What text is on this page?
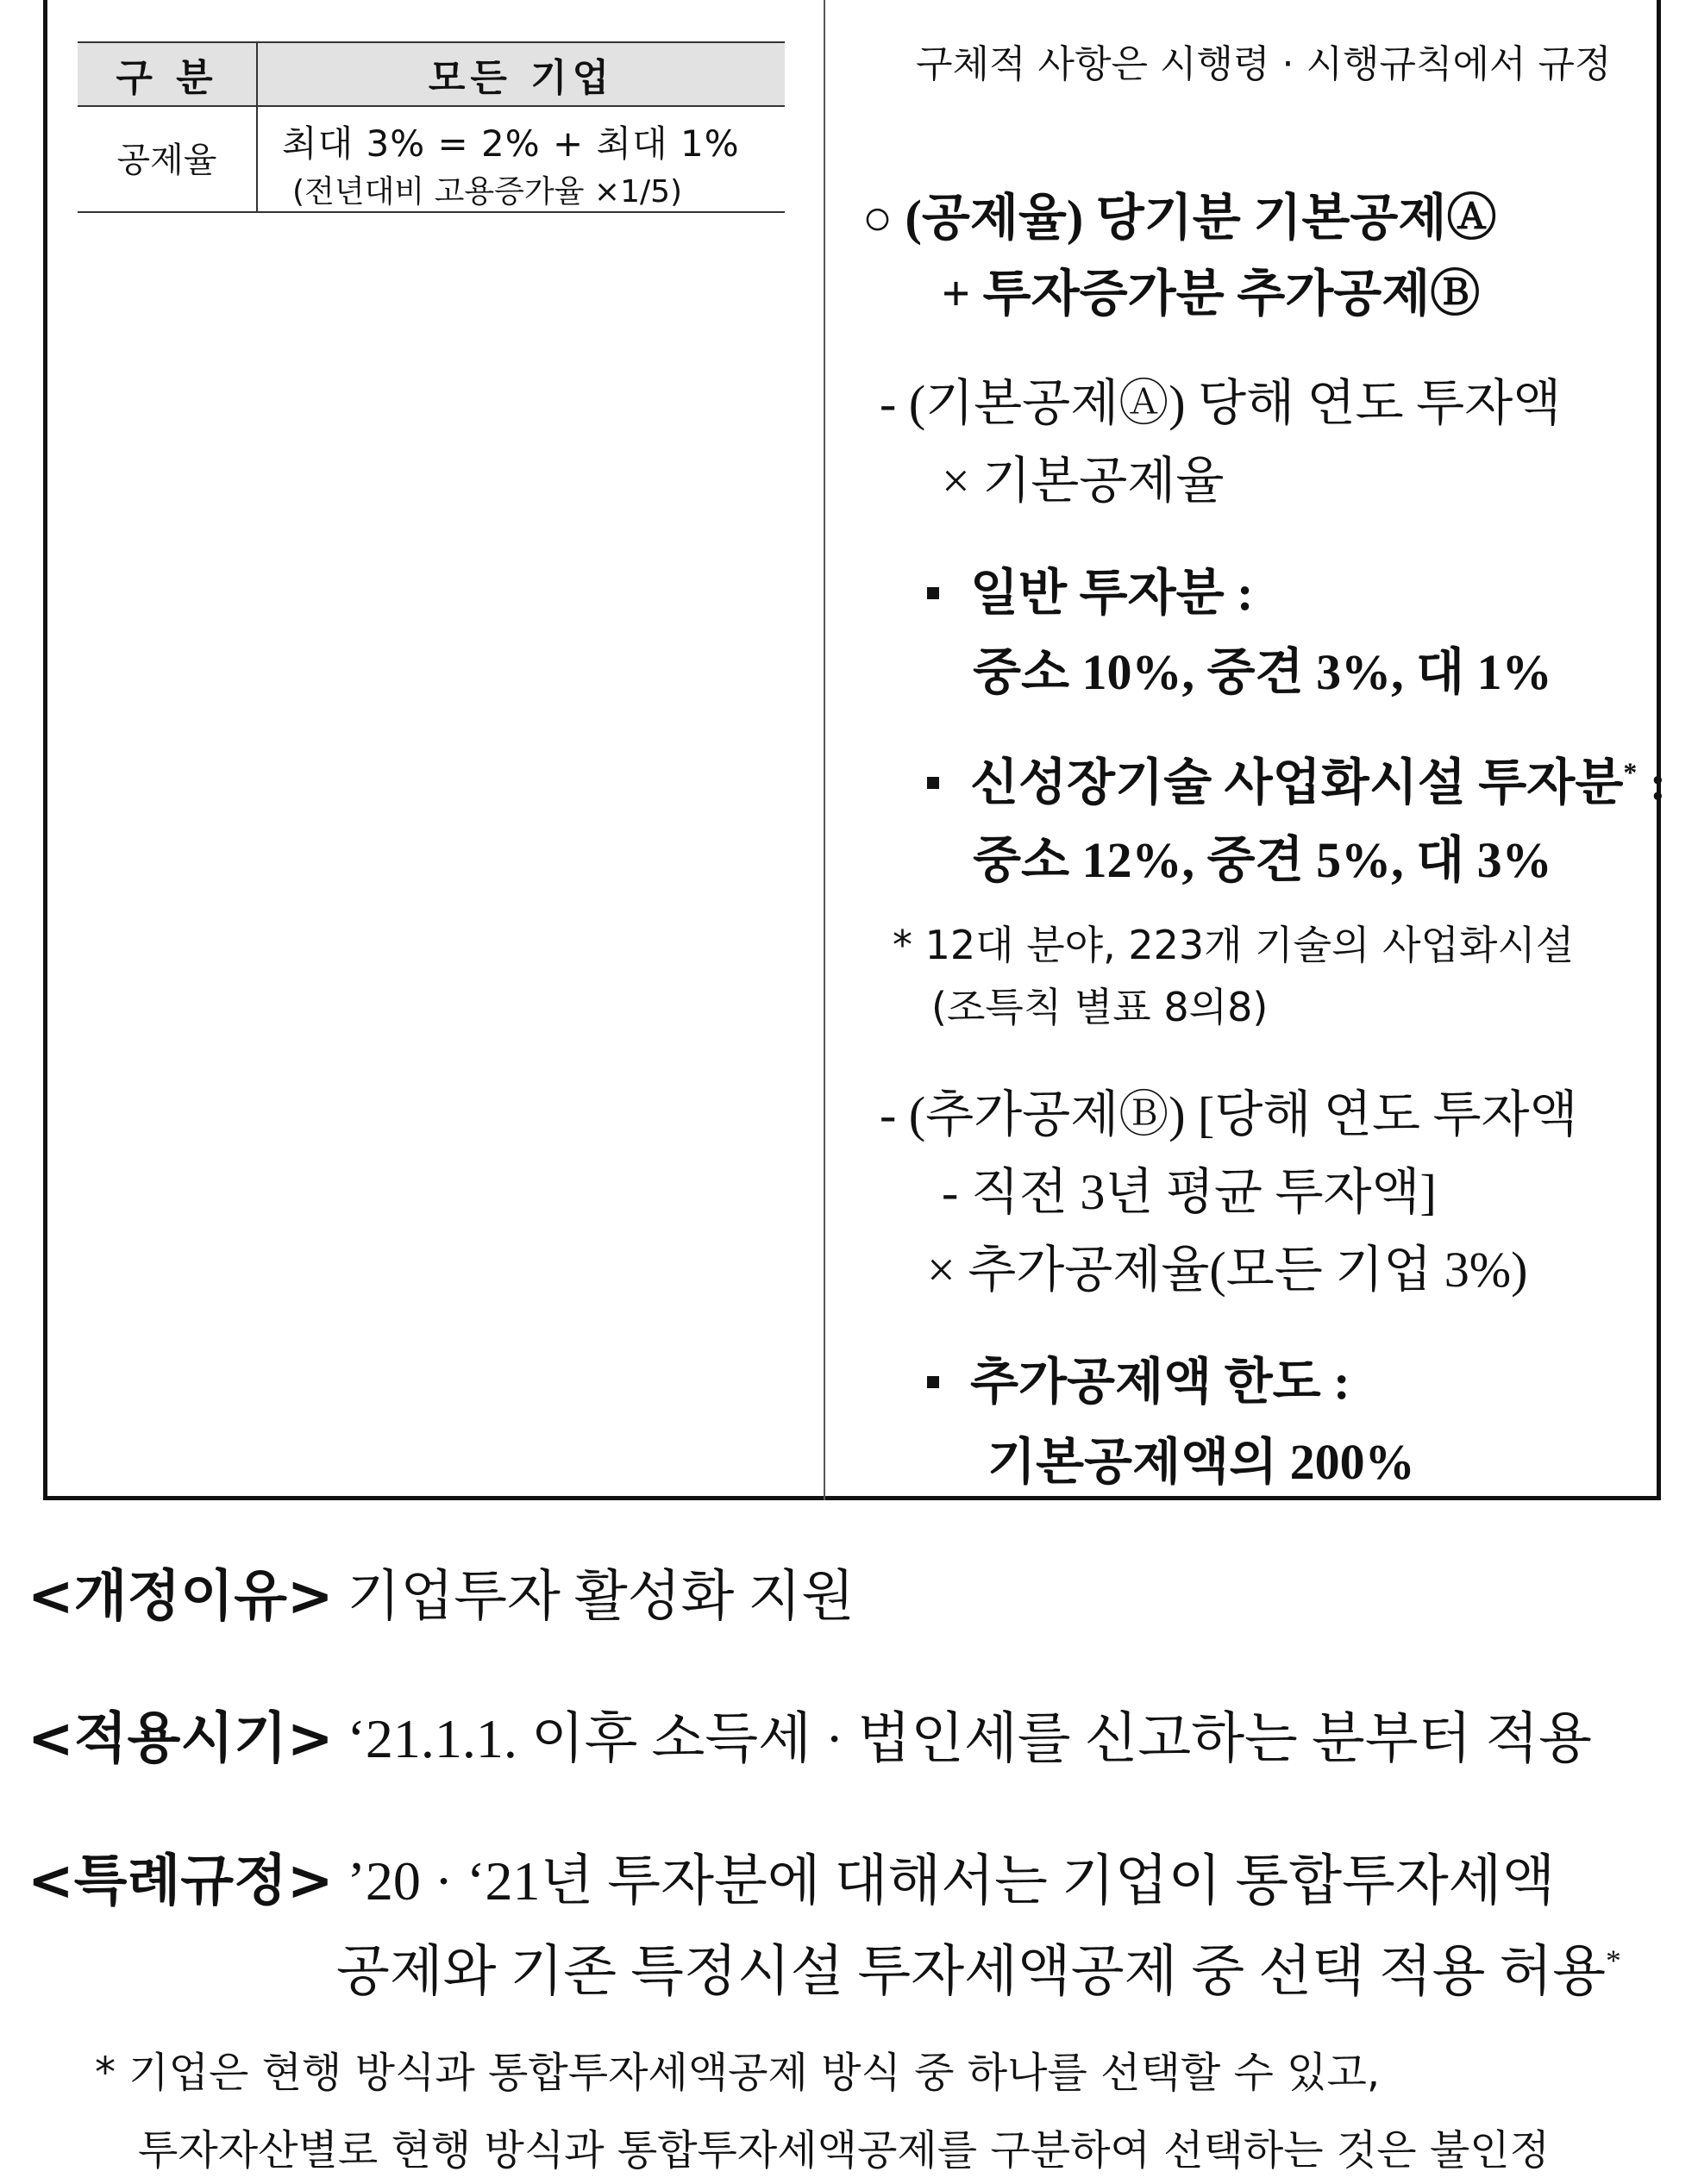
구 분	모든 기업
공제율	최대 3% = 2% + 최대 1%
(전년대비 고용증가율 ×1/5)
구체적 사항은 시행령 · 시행규칙에서 규정
○ (공제율) 당기분 기본공제Ⓐ
+ 투자증가분 추가공제Ⓑ
- (기본공제Ⓐ) 당해 연도 투자액
× 기본공제율
일반 투자분 :
중소 10%, 중견 3%, 대 1%
신성장기술 사업화시설 투자분* :
중소 12%, 중견 5%, 대 3%
* 12대 분야, 223개 기술의 사업화시설
(조특칙 별표 8의8)
- (추가공제Ⓑ) [당해 연도 투자액
- 직전 3년 평균 투자액]
× 추가공제율(모든 기업 3%)
추가공제액 한도 :
기본공제액의 200%
<개정이유> 기업투자 활성화 지원
<적용시기> ‘21.1.1. 이후 소득세 · 법인세를 신고하는 분부터 적용
<특례규정> ’20 · ‘21년 투자분에 대해서는 기업이 통합투자세액
공제와 기존 특정시설 투자세액공제 중 선택 적용 허용*
* 기업은 현행 방식과 통합투자세액공제 방식 중 하나를 선택할 수 있고,
투자자산별로 현행 방식과 통합투자세액공제를 구분하여 선택하는 것은 불인정
